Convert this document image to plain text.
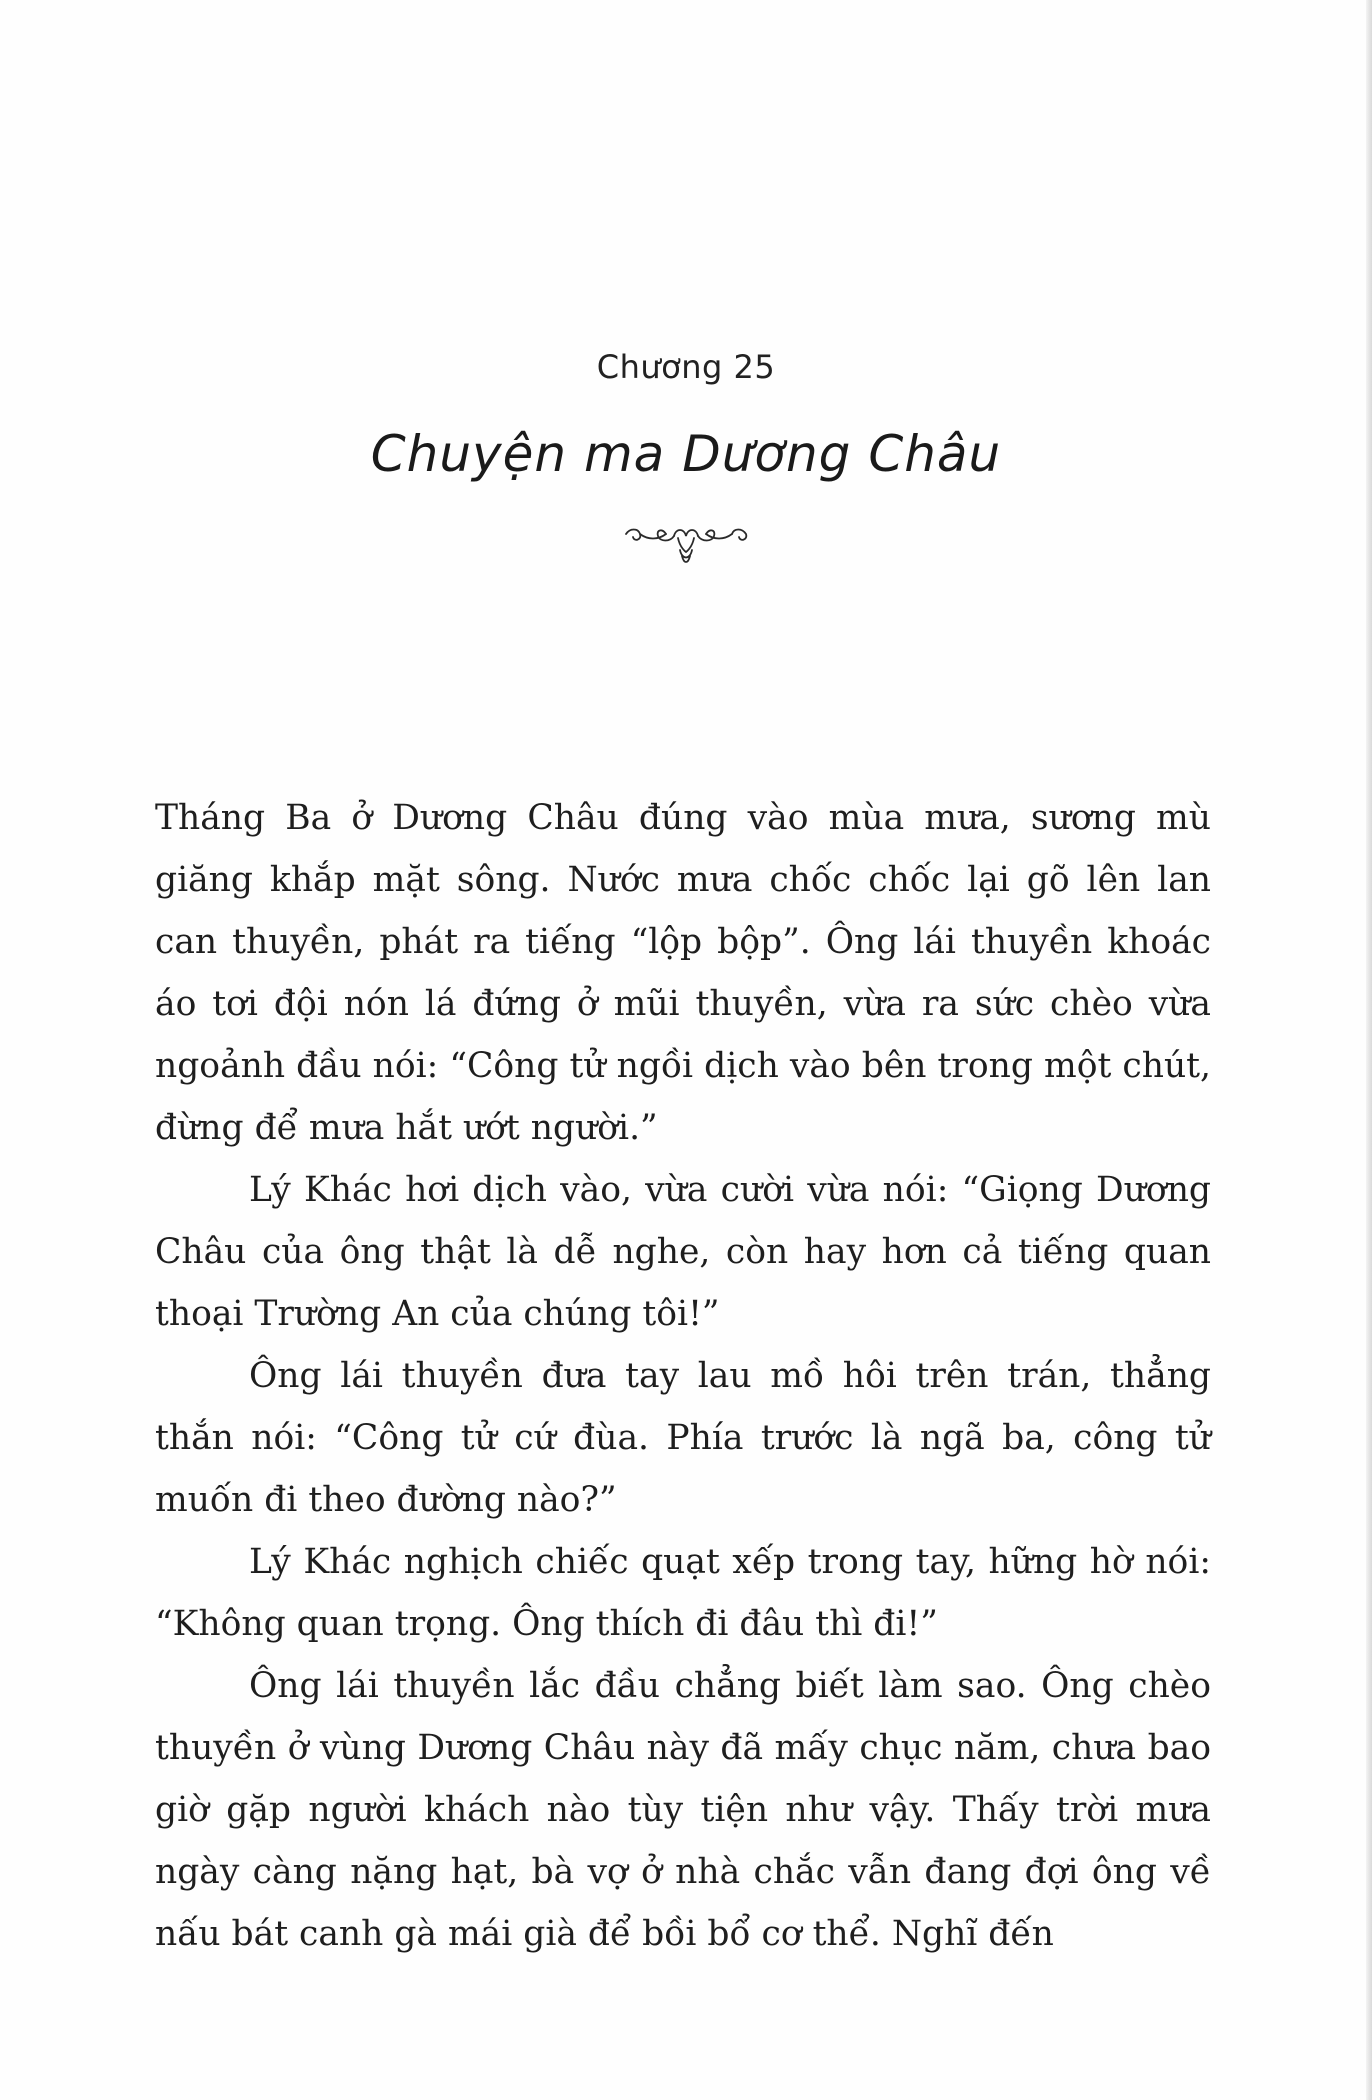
Chương 25
Chuyện ma Dương Châu

Tháng Ba ở Dương Châu đúng vào mùa mưa, sương mù giăng khắp mặt sông. Nước mưa chốc chốc lại gõ lên lan can thuyền, phát ra tiếng “lộp bộp”. Ông lái thuyền khoác áo tơi đội nón lá đứng ở mũi thuyền, vừa ra sức chèo vừa ngoảnh đầu nói: “Công tử ngồi dịch vào bên trong một chút, đừng để mưa hắt ướt người.”

Lý Khác hơi dịch vào, vừa cười vừa nói: “Giọng Dương Châu của ông thật là dễ nghe, còn hay hơn cả tiếng quan thoại Trường An của chúng tôi!”

Ông lái thuyền đưa tay lau mồ hôi trên trán, thẳng thắn nói: “Công tử cứ đùa. Phía trước là ngã ba, công tử muốn đi theo đường nào?”

Lý Khác nghịch chiếc quạt xếp trong tay, hững hờ nói: “Không quan trọng. Ông thích đi đâu thì đi!”

Ông lái thuyền lắc đầu chẳng biết làm sao. Ông chèo thuyền ở vùng Dương Châu này đã mấy chục năm, chưa bao giờ gặp người khách nào tùy tiện như vậy. Thấy trời mưa ngày càng nặng hạt, bà vợ ở nhà chắc vẫn đang đợi ông về nấu bát canh gà mái già để bồi bổ cơ thể. Nghĩ đến
